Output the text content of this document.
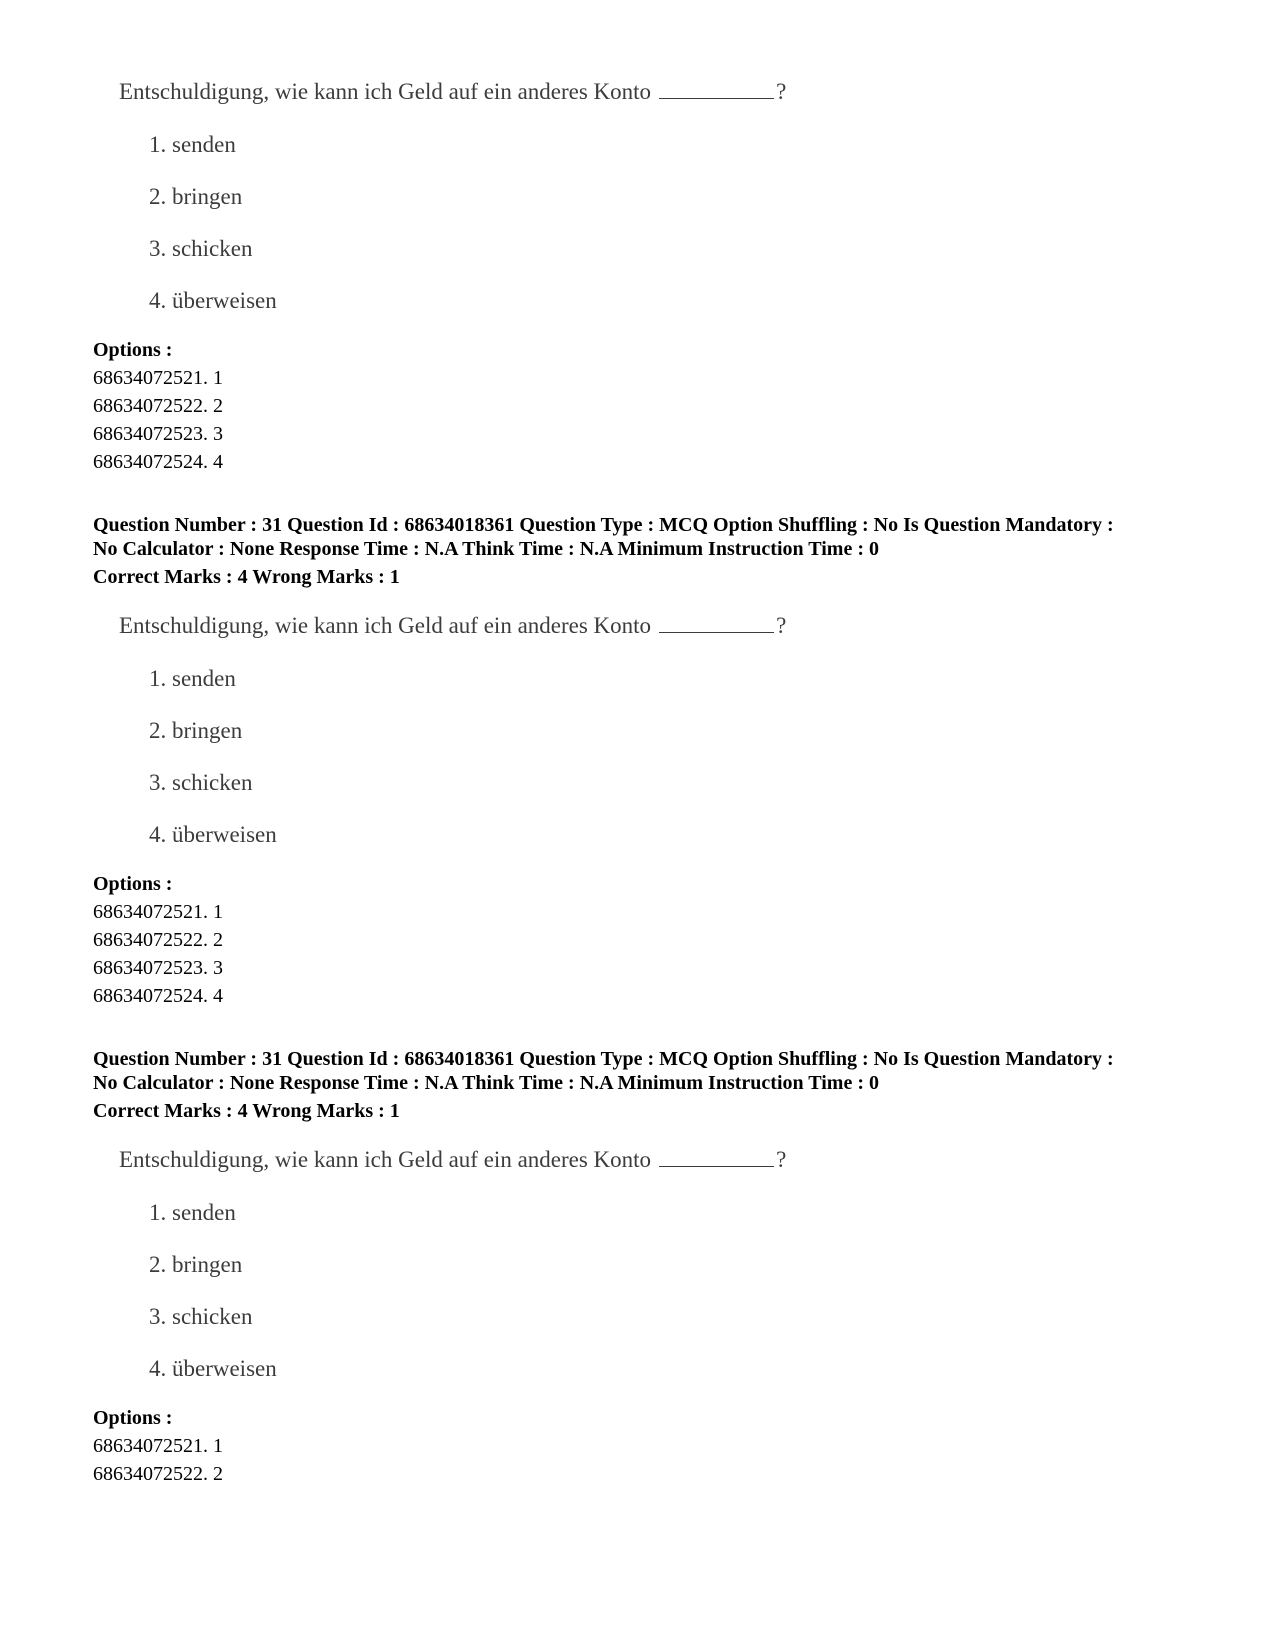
Entschuldigung, wie kann ich Geld auf ein anderes Konto	?
1. senden
2. bringen
3. schicken
4. überweisen
Options :
68634072521. 1
68634072522. 2
68634072523. 3
68634072524. 4
Question Number : 31 Question Id : 68634018361 Question Type : MCQ Option Shuffling : No Is Question Mandatory :
No Calculator : None Response Time : N.A Think Time : N.A Minimum Instruction Time : 0
Correct Marks : 4 Wrong Marks : 1
Entschuldigung, wie kann ich Geld auf ein anderes Konto	?
1. senden
2. bringen
3. schicken
4. überweisen
Options :
68634072521. 1
68634072522. 2
68634072523. 3
68634072524. 4
Question Number : 31 Question Id : 68634018361 Question Type : MCQ Option Shuffling : No Is Question Mandatory :
No Calculator : None Response Time : N.A Think Time : N.A Minimum Instruction Time : 0
Correct Marks : 4 Wrong Marks : 1
Entschuldigung, wie kann ich Geld auf ein anderes Konto	?
1. senden
2. bringen
3. schicken
4. überweisen
Options :
68634072521. 1
68634072522. 2
